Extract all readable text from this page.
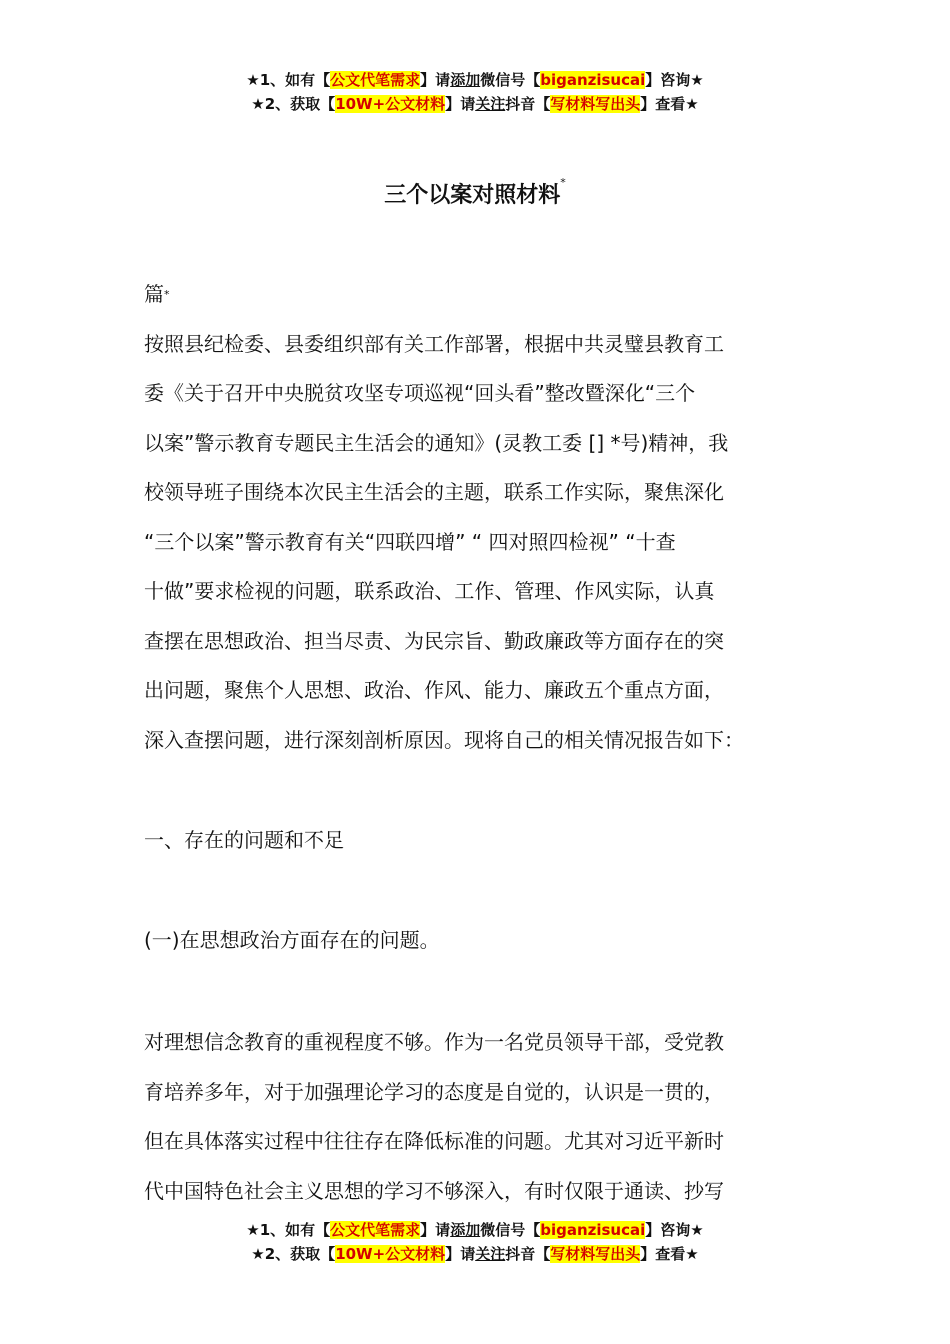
★1、如有【公文代笔需求】请添加微信号【biganzisucai】咨询★
★2、获取【10W+公文材料】请关注抖音【写材料写出头】查看★
三个以案对照材料*
篇*
按照县纪检委、县委组织部有关工作部署，根据中共灵璧县教育工
委《关于召开中央脱贫攻坚专项巡视“回头看”整改暨深化“三个
以案”警示教育专题民主生活会的通知》(灵教工委 [] *号)精神，我
校领导班子围绕本次民主生活会的主题，联系工作实际，聚焦深化
“三个以案”警示教育有关“四联四增” “ 四对照四检视” “十查
十做”要求检视的问题，联系政治、工作、管理、作风实际，认真
查摆在思想政治、担当尽责、为民宗旨、勤政廉政等方面存在的突
出问题，聚焦个人思想、政治、作风、能力、廉政五个重点方面，
深入查摆问题，进行深刻剖析原因。现将自己的相关情况报告如下：
一、存在的问题和不足
(一)在思想政治方面存在的问题。
对理想信念教育的重视程度不够。作为一名党员领导干部，受党教
育培养多年，对于加强理论学习的态度是自觉的，认识是一贯的，
但在具体落实过程中往往存在降低标准的问题。尤其对习近平新时
代中国特色社会主义思想的学习不够深入，有时仅限于通读、抄写
★1、如有【公文代笔需求】请添加微信号【biganzisucai】咨询★
★2、获取【10W+公文材料】请关注抖音【写材料写出头】查看★
